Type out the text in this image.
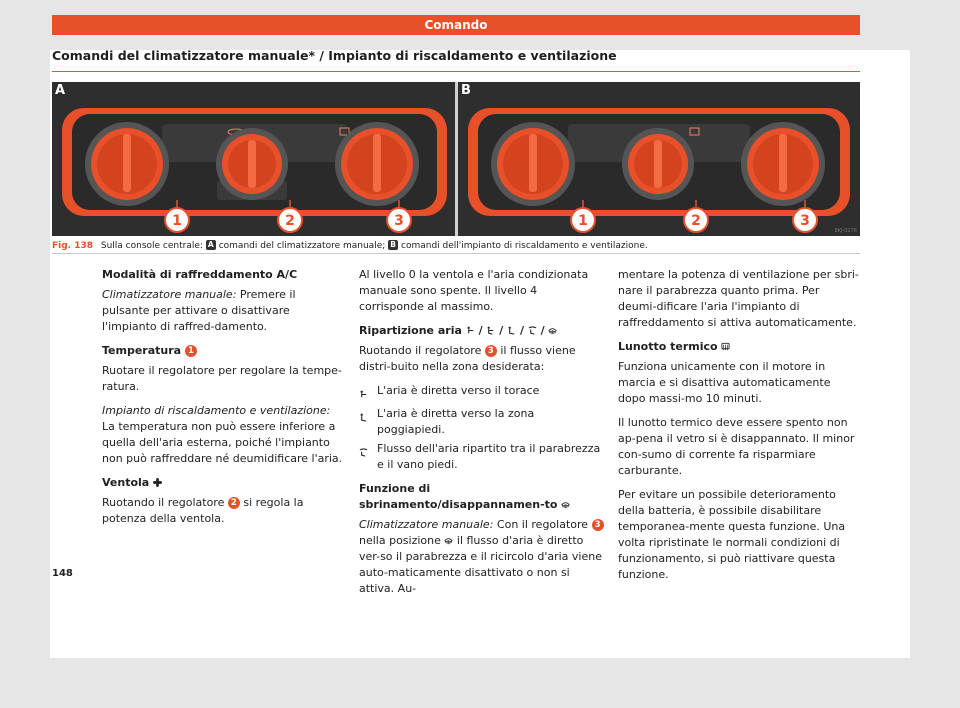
Comando
Comandi del climatizzatore manuale* / Impianto di riscaldamento e ventilazione
1	2	3
A
1	2	3
B
BKJ-0276
Fig. 138 Sulla console centrale: A comandi del climatizzatore manuale; B comandi dell'impianto di riscaldamento e ventilazione.

Modalità di raffreddamento A/C

Climatizzatore manuale: Premere il pulsante per attivare o disattivare l'impianto di raffred-damento.

Temperatura 1

Ruotare il regolatore per regolare la tempe-ratura.

Impianto di riscaldamento e ventilazione: La temperatura non può essere inferiore a quella dell'aria esterna, poiché l'impianto non può raffreddare né deumidificare l'aria.

Ventola

Ruotando il regolatore 2 si regola la potenza della ventola.

Al livello 0 la ventola e l'aria condizionata manuale sono spente. Il livello 4 corrisponde al massimo.

Ripartizione aria  /  /  /  /

Ruotando il regolatore 3 il flusso viene distri-buito nella zona desiderata:

L'aria è diretta verso il torace
L'aria è diretta verso la zona poggiapiedi.
Flusso dell'aria ripartito tra il parabrezza e il vano piedi.

Funzione di sbrinamento/disappannamen-to

Climatizzatore manuale: Con il regolatore 3 nella posizione il flusso d'aria è diretto ver-so il parabrezza e il ricircolo d'aria viene auto-maticamente disattivato o non si attiva. Au-

mentare la potenza di ventilazione per sbri-nare il parabrezza quanto prima. Per deumi-dificare l'aria l'impianto di raffreddamento si attiva automaticamente.

Lunotto termico

Funziona unicamente con il motore in marcia e si disattiva automaticamente dopo massi-mo 10 minuti.

Il lunotto termico deve essere spento non ap-pena il vetro si è disappannato. Il minor con-sumo di corrente fa risparmiare carburante.

Per evitare un possibile deterioramento della batteria, è possibile disabilitare temporanea-mente questa funzione. Una volta ripristinate le normali condizioni di funzionamento, si può riattivare questa funzione.

148
